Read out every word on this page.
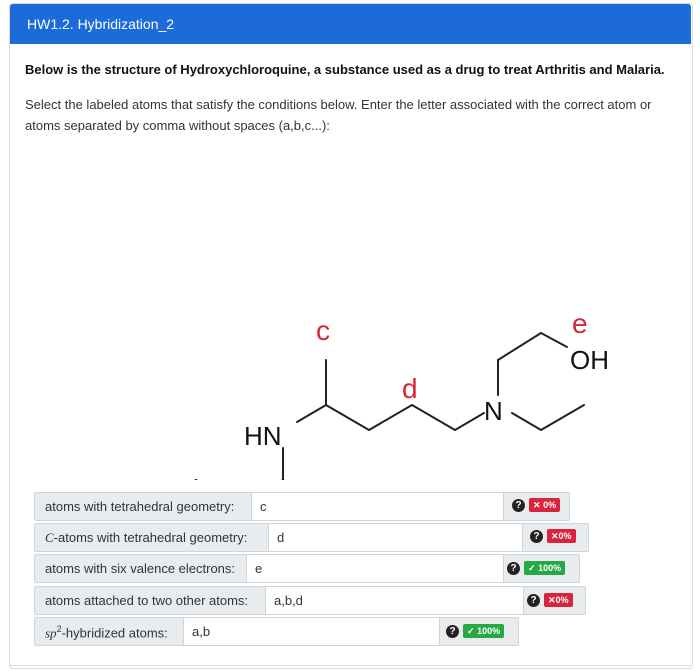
HW1.2. Hybridization_2
Below is the structure of Hydroxychloroquine, a substance used as a drug to treat Arthritis and Malaria.
Select the labeled atoms that satisfy the conditions below. Enter the letter associated with the correct atom or atoms separated by comma without spaces (a,b,c...):
HN
N
OH
c
d
e
atoms with tetrahedral geometry:	c	?	✕ 0%
C-atoms with tetrahedral geometry:	d	?	✕0%
atoms with six valence electrons:	e	?	✓ 100%
atoms attached to two other atoms:	a,b,d	?	✕0%
$sp^2$-hybridized atoms:	a,b	?	✓ 100%
